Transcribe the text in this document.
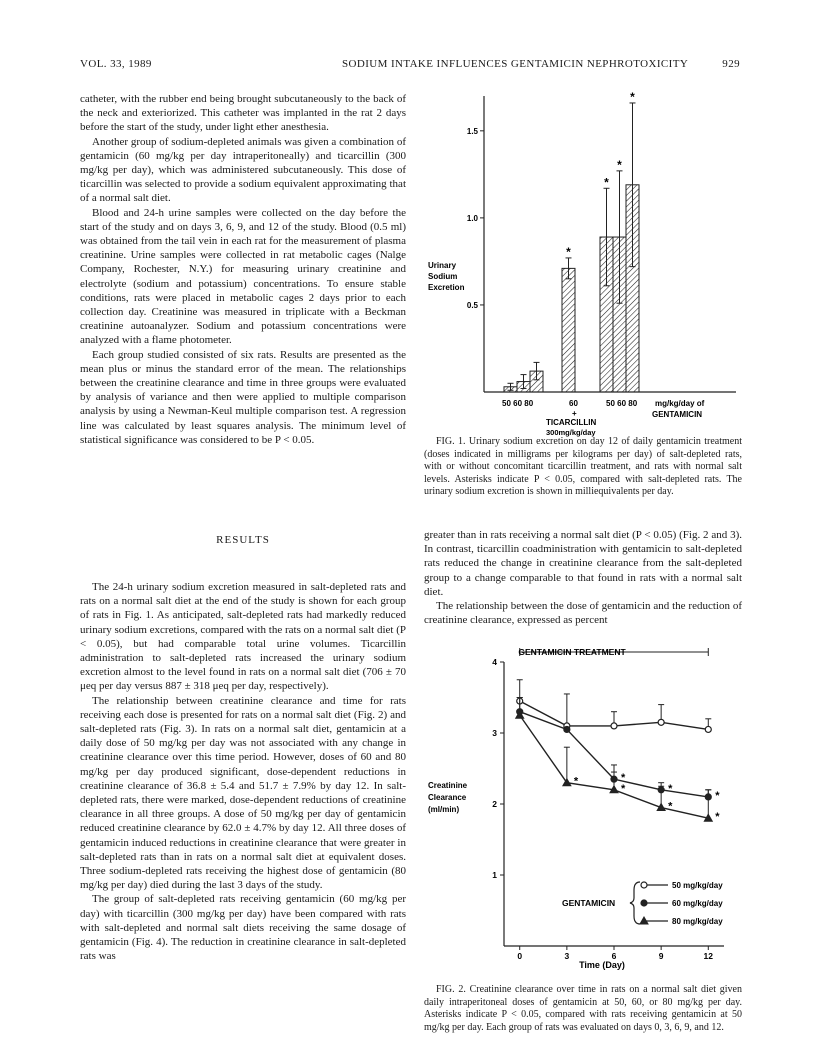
VOL. 33, 1989	SODIUM INTAKE INFLUENCES GENTAMICIN NEPHROTOXICITY	929

catheter, with the rubber end being brought subcutaneously to the back of the neck and exteriorized. This catheter was implanted in the rat 2 days before the start of the study, under light ether anesthesia.

Another group of sodium-depleted animals was given a combination of gentamicin (60 mg/kg per day intraperitoneally) and ticarcillin (300 mg/kg per day), which was administered subcutaneously. This dose of ticarcillin was selected to provide a sodium equivalent approximating that of a normal salt diet.

Blood and 24-h urine samples were collected on the day before the start of the study and on days 3, 6, 9, and 12 of the study. Blood (0.5 ml) was obtained from the tail vein in each rat for the measurement of plasma creatinine. Urine samples were collected in rat metabolic cages (Nalge Company, Rochester, N.Y.) for measuring urinary creatinine and electrolyte (sodium and potassium) concentrations. To ensure stable conditions, rats were placed in metabolic cages 2 days prior to each collection day. Creatinine was measured in triplicate with a Beckman creatinine autoanalyzer. Sodium and potassium concentrations were analyzed with a flame photometer.

Each group studied consisted of six rats. Results are presented as the mean plus or minus the standard error of the mean. The relationships between the creatinine clearance and time in three groups were evaluated by analysis of variance and then were applied to multiple comparison analysis by using a Newman-Keul multiple comparison test. A regression line was calculated by least squares analysis. The minimum level of statistical significance was considered to be P < 0.05.

RESULTS

The 24-h urinary sodium excretion measured in salt-depleted rats and rats on a normal salt diet at the end of the study is shown for each group of rats in Fig. 1. As anticipated, salt-depleted rats had markedly reduced urinary sodium excretions, compared with the rats on a normal salt diet (P < 0.05), but had comparable total urine volumes. Ticarcillin administration to salt-depleted rats increased the urinary sodium excretion almost to the level found in rats on a normal salt diet (706 ± 70 μeq per day versus 887 ± 318 μeq per day, respectively).

The relationship between creatinine clearance and time for rats receiving each dose is presented for rats on a normal salt diet (Fig. 2) and salt-depleted rats (Fig. 3). In rats on a normal salt diet, gentamicin at a daily dose of 50 mg/kg per day was not associated with any change in creatinine clearance over this time period. However, doses of 60 and 80 mg/kg per day produced significant, dose-dependent reductions in creatinine clearance of 36.8 ± 5.4 and 51.7 ± 7.9% by day 12. In salt-depleted rats, there were marked, dose-dependent reductions of creatinine clearance in all three groups. A dose of 50 mg/kg per day of gentamicin reduced creatinine clearance by 62.0 ± 4.7% by day 12. All three doses of gentamicin induced reductions in creatinine clearance that were greater in salt-depleted rats than in rats on a normal salt diet at equivalent doses. Three sodium-depleted rats receiving the highest dose of gentamicin (80 mg/kg per day) died during the last 3 days of the study.

The group of salt-depleted rats receiving gentamicin (60 mg/kg per day) with ticarcillin (300 mg/kg per day) have been compared with rats with salt-depleted and normal salt diets receiving the same dosage of gentamicin (Fig. 4). The reduction in creatinine clearance in salt-depleted rats was

0.5
1.0
1.5
*
*
*
*
Urinary
Sodium
Excretion
50 60 80	60
+
TICARCILLIN
300mg/kg/day
50 60 80 mg/kg/day of
GENTAMICIN

FIG. 1. Urinary sodium excretion on day 12 of daily gentamicin treatment (doses indicated in milligrams per kilograms per day) of salt-depleted rats, with or without concomitant ticarcillin treatment, and rats with normal salt levels. Asterisks indicate P < 0.05, compared with salt-depleted rats. The urinary sodium excretion is shown in milliequivalents per day.

greater than in rats receiving a normal salt diet (P < 0.05) (Fig. 2 and 3). In contrast, ticarcillin coadministration with gentamicin to salt-depleted rats reduced the change in creatinine clearance from the salt-depleted group to a change comparable to that found in rats with a normal salt diet.

The relationship between the dose of gentamicin and the reduction of creatinine clearance, expressed as percent

1
2
3
4
0	3	6	9	12
*
*
*
*
*
*
*
GENTAMICIN TREATMENT
Creatinine
Clearance
(ml/min)
Time (Day)
GENTAMICIN
50 mg/kg/day
60 mg/kg/day
80 mg/kg/day

FIG. 2. Creatinine clearance over time in rats on a normal salt diet given daily intraperitoneal doses of gentamicin at 50, 60, or 80 mg/kg per day. Asterisks indicate P < 0.05, compared with rats receiving gentamicin at 50 mg/kg per day. Each group of rats was evaluated on days 0, 3, 6, 9, and 12.
